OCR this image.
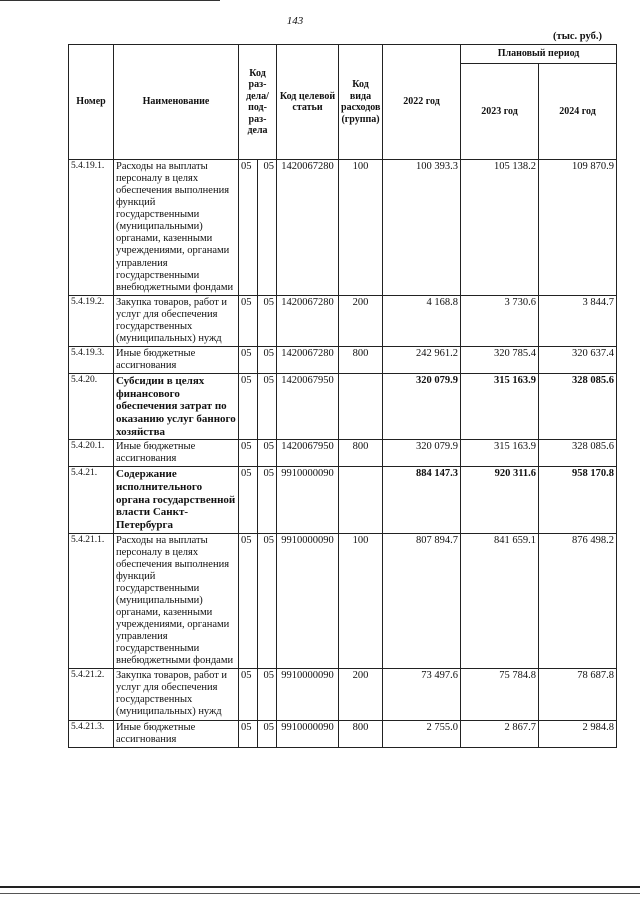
143
(тыс. руб.)
Номер	Наименование	Код раз-дела/ под-раз-дела		Код целевой статьи	Код вида расходов (группа)	2022 год	Плановый период	
							2023 год	2024 год
5.4.19.1.	Расходы на выплаты персоналу в целях обеспечения выполнения функций государственными (муниципальными) органами, казенными учреждениями, органами управления государственными внебюджетными фондами	05	05	1420067280	100	100 393.3	105 138.2	109 870.9
5.4.19.2.	Закупка товаров, работ и услуг для обеспечения государственных (муниципальных) нужд	05	05	1420067280	200	4 168.8	3 730.6	3 844.7
5.4.19.3.	Иные бюджетные ассигнования	05	05	1420067280	800	242 961.2	320 785.4	320 637.4
5.4.20.	Субсидии в целях финансового обеспечения затрат по оказанию услуг банного хозяйства	05	05	1420067950		320 079.9	315 163.9	328 085.6
5.4.20.1.	Иные бюджетные ассигнования	05	05	1420067950	800	320 079.9	315 163.9	328 085.6
5.4.21.	Содержание исполнительного органа государственной власти Санкт-Петербурга	05	05	9910000090		884 147.3	920 311.6	958 170.8
5.4.21.1.	Расходы на выплаты персоналу в целях обеспечения выполнения функций государственными (муниципальными) органами, казенными учреждениями, органами управления государственными внебюджетными фондами	05	05	9910000090	100	807 894.7	841 659.1	876 498.2
5.4.21.2.	Закупка товаров, работ и услуг для обеспечения государственных (муниципальных) нужд	05	05	9910000090	200	73 497.6	75 784.8	78 687.8
5.4.21.3.	Иные бюджетные ассигнования	05	05	9910000090	800	2 755.0	2 867.7	2 984.8
